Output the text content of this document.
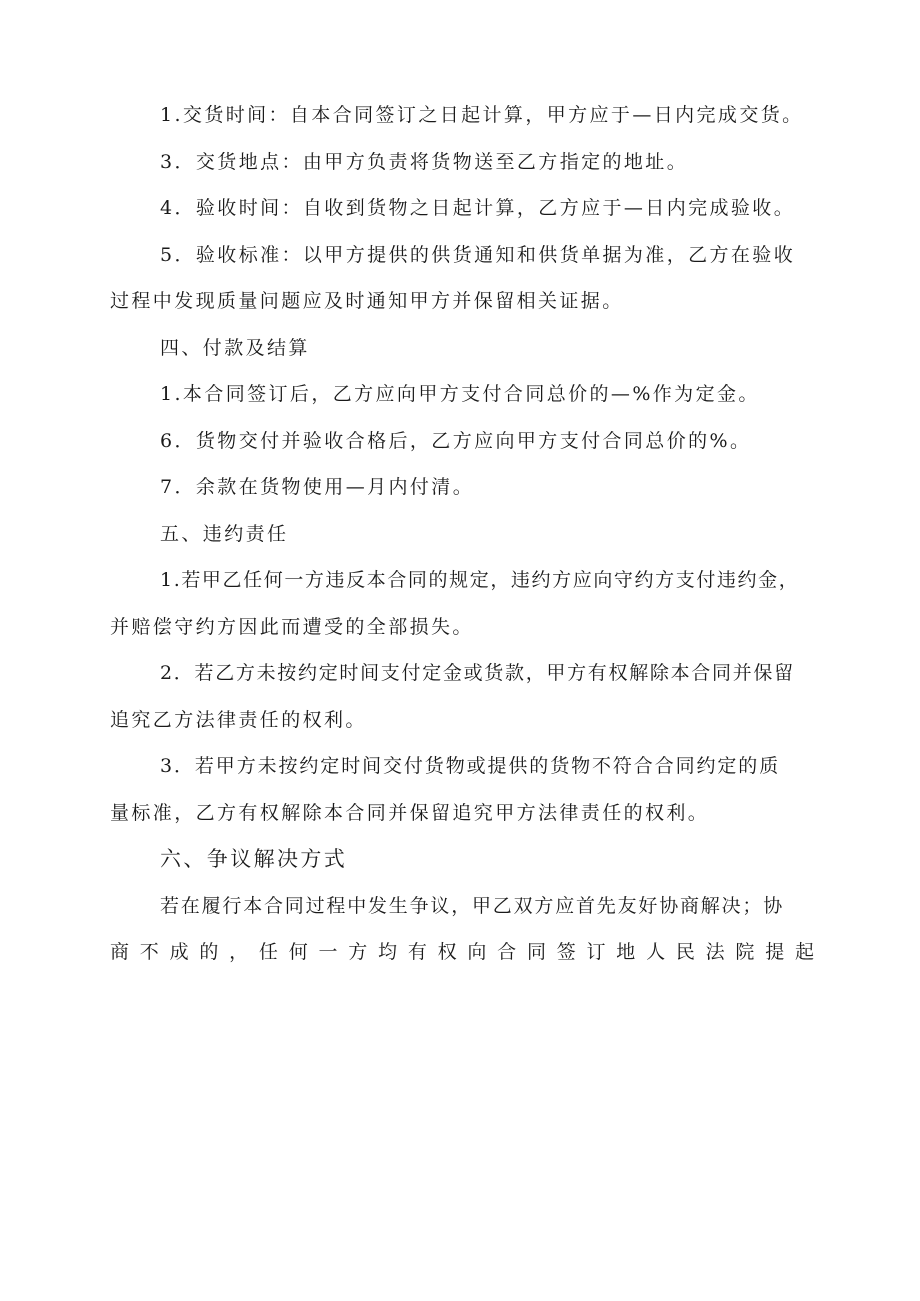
1.交货时间：自本合同签订之日起计算，甲方应于—日内完成交货。

3．交货地点：由甲方负责将货物送至乙方指定的地址。

4．验收时间：自收到货物之日起计算，乙方应于—日内完成验收。

5．验收标准：以甲方提供的供货通知和供货单据为准，乙方在验收

过程中发现质量问题应及时通知甲方并保留相关证据。

四、付款及结算

1.本合同签订后，乙方应向甲方支付合同总价的—%作为定金。

6．货物交付并验收合格后，乙方应向甲方支付合同总价的%。

7．余款在货物使用—月内付清。

五、违约责任

1.若甲乙任何一方违反本合同的规定，违约方应向守约方支付违约金，

并赔偿守约方因此而遭受的全部损失。

2．若乙方未按约定时间支付定金或货款，甲方有权解除本合同并保留

追究乙方法律责任的权利。

3．若甲方未按约定时间交付货物或提供的货物不符合合同约定的质

量标准，乙方有权解除本合同并保留追究甲方法律责任的权利。

六、争议解决方式

若在履行本合同过程中发生争议，甲乙双方应首先友好协商解决；协

商不成的，任何一方均有权向合同签订地人民法院提起
